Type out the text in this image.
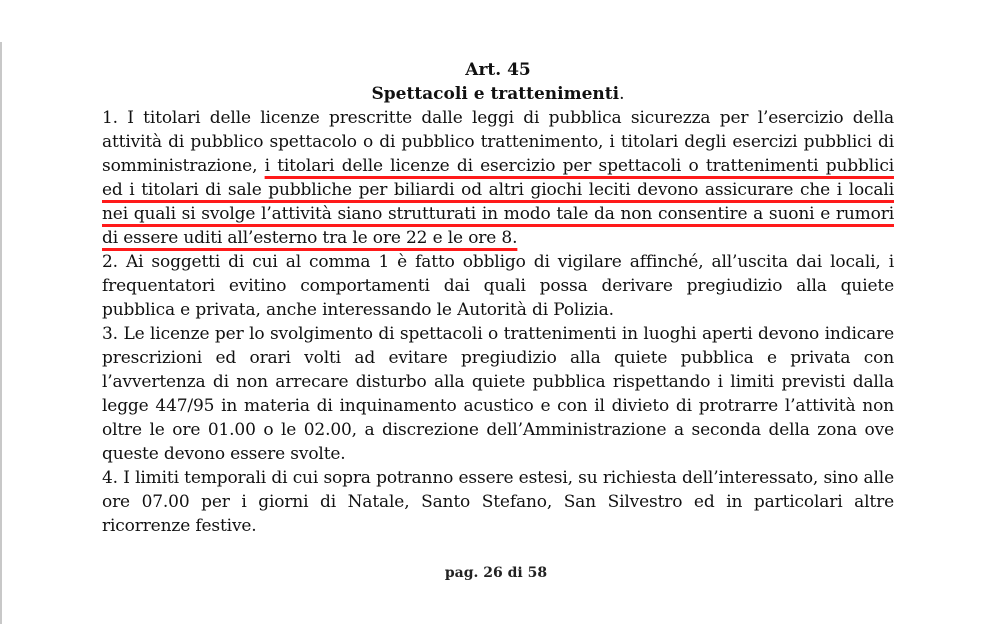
Art. 45

Spettacoli e trattenimenti.

1. I titolari delle licenze prescritte dalle leggi di pubblica sicurezza per l’esercizio della attività di pubblico spettacolo o di pubblico trattenimento, i titolari degli esercizi pubblici di somministrazione, i titolari delle licenze di esercizio per spettacoli o trattenimenti pubblici ed i titolari di sale pubbliche per biliardi od altri giochi leciti devono assicurare che i locali nei quali si svolge l’attività siano strutturati in modo tale da non consentire a suoni e rumori di essere uditi all’esterno tra le ore 22 e le ore 8.

2. Ai soggetti di cui al comma 1 è fatto obbligo di vigilare affinché, all’uscita dai locali, i frequentatori evitino comportamenti dai quali possa derivare pregiudizio alla quiete pubblica e privata, anche interessando le Autorità di Polizia.

3. Le licenze per lo svolgimento di spettacoli o trattenimenti in luoghi aperti devono indicare prescrizioni ed orari volti ad evitare pregiudizio alla quiete pubblica e privata con l’avvertenza di non arrecare disturbo alla quiete pubblica rispettando i limiti previsti dalla legge 447/95 in materia di inquinamento acustico e con il divieto di protrarre l’attività non oltre le ore 01.00 o le 02.00, a discrezione dell’Amministrazione a seconda della zona ove queste devono essere svolte.

4. I limiti temporali di cui sopra potranno essere estesi, su richiesta dell’interessato, sino alle ore 07.00 per i giorni di Natale, Santo Stefano, San Silvestro ed in particolari altre ricorrenze festive.

pag. 26 di 58
